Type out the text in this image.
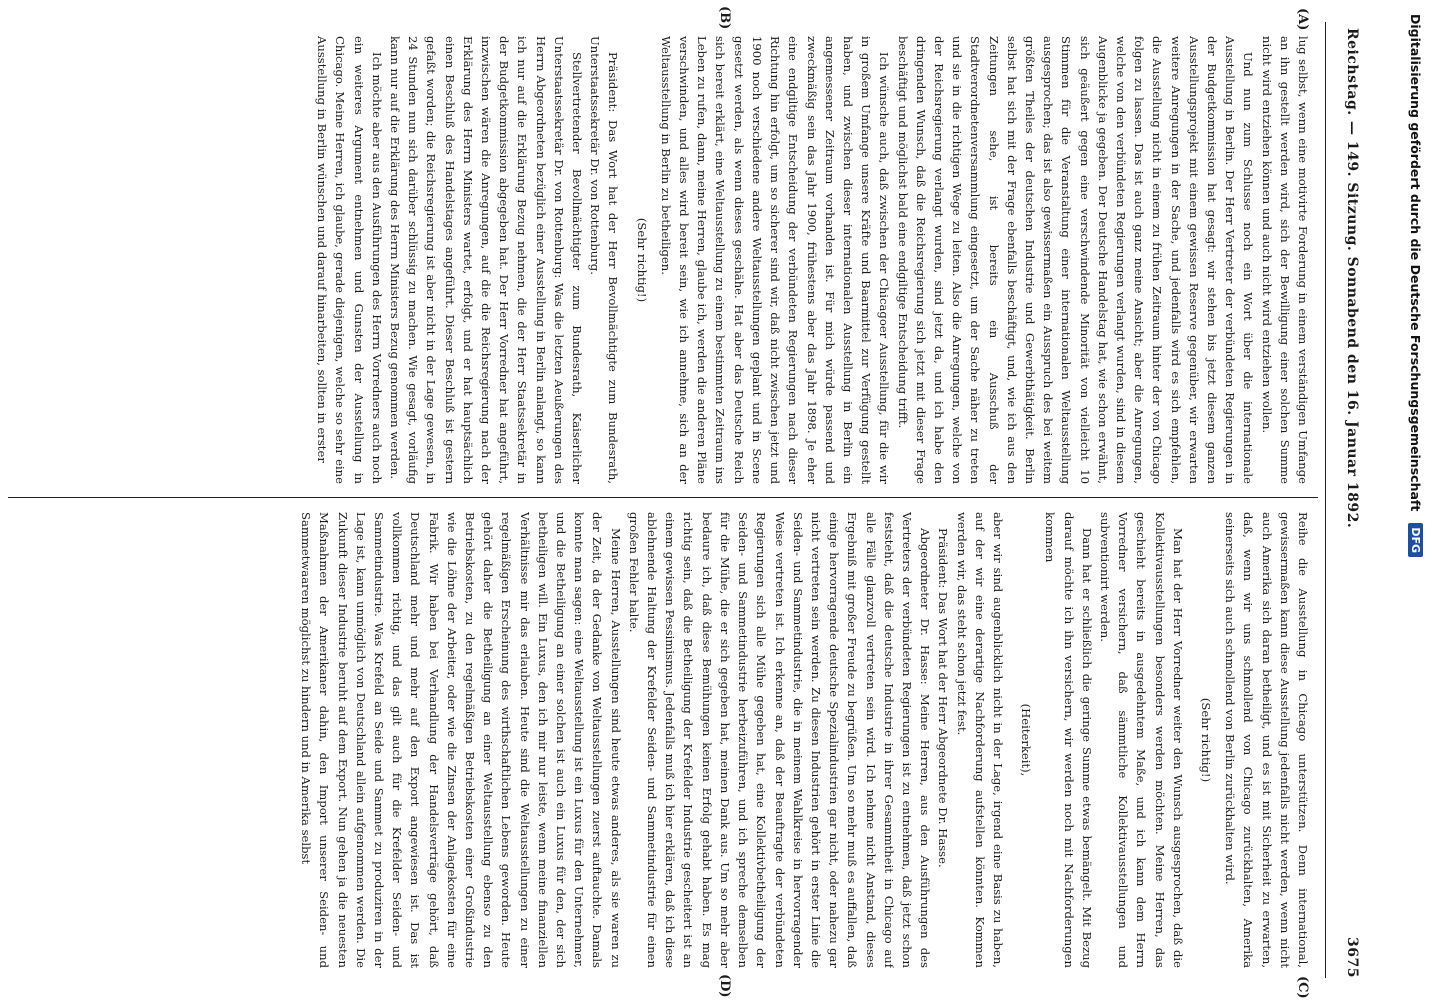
Reichstag. — 149. Sitzung. Sonnabend den 16. Januar 1892.
3675
(A)
(B)
(C)
(D)

lug selbst, wenn eine motivirte Forderung in einem verständigen Umfange an ihn gestellt werden wird, sich der Bewilligung einer solchen Summe nicht wird entziehen können und auch nicht wird entziehen wollen.

Und nun zum Schlusse noch ein Wort über die internationale Ausstellung in Berlin. Der Herr Vertreter der verbündeten Regierungen in der Budgetkommission hat gesagt: wir stehen bis jetzt diesem ganzen Ausstellungsprojekt mit einem gewissen Reserve gegenüber, wir erwarten weitere Anregungen in der Sache, und jedenfalls wird es sich empfehlen, die Ausstellung nicht in einem zu frühen Zeitraum hinter der von Chicago folgen zu lassen. Das ist auch ganz meine Ansicht; aber die Anregungen, welche von den verbündeten Regierungen verlangt wurden, sind in diesem Augenblicke ja gegeben. Der Deutsche Handelstag hat, wie schon erwähnt, sich geäußert gegen eine verschwindende Minorität von vielleicht 10 Stimmen für die Veranstaltung einer internationalen Weltausstellung ausgesprochen; das ist also gewissermaßen ein Ausspruch des bei weitem größten Theiles der deutschen Industrie und Gewerbthätigkeit. Berlin selbst hat sich mit der Frage ebenfalls beschäftigt, und, wie ich aus den Zeitungen sehe, ist bereits ein Ausschuß der Stadtverordnetenversammlung eingesetzt, um der Sache näher zu treten und sie in die richtigen Wege zu leiten. Also die Anregungen, welche von der Reichsregierung verlangt wurden, sind jetzt da, und ich habe den dringenden Wunsch, daß die Reichsregierung sich jetzt mit dieser Frage beschäftigt und möglichst bald eine endgiltige Entscheidung trifft.

Ich wünsche auch, daß zwischen der Chicagoer Ausstellung, für die wir in großem Umfange unsere Kräfte und Baarmittel zur Verfügung gestellt haben, und zwischen dieser internationalen Ausstellung in Berlin ein angemessener Zeitraum vorhanden ist. Für mich würde passend und zweckmäßig sein das Jahr 1900, frühestens aber das Jahr 1898. Je eher eine endgiltige Entscheidung der verbündeten Regierungen nach dieser Richtung hin erfolgt, um so sicherer sind wir, daß nicht zwischen jetzt und 1900 noch verschiedene andere Weltausstellungen geplant und in Scene gesetzt werden, als wenn dieses geschähe. Hat aber das Deutsche Reich sich bereit erklärt, eine Weltausstellung zu einem bestimmten Zeitraum ins Leben zu rufen, dann, meine Herren, glaube ich, werden die anderen Pläne verschwinden, und alles wird bereit sein, wie ich annehme, sich an der Weltausstellung in Berlin zu betheiligen.

(Sehr richtig!)

Präsident: Das Wort hat der Herr Bevollmächtigte zum Bundesrath, Unterstaatssekretär Dr. von Rottenburg.

Stellvertretender Bevollmächtigter zum Bundesrath, Kaiserlicher Unterstaatssekretär Dr. von Rottenburg: Was die letzten Aeußerungen des Herrn Abgeordneten bezüglich einer Ausstellung in Berlin anlangt, so kann ich nur auf die Erklärung Bezug nehmen, die der Herr Staatssekretär in der Budgetkommission abgegeben hat. Der Herr Vorredner hat angeführt, inzwischen wären die Anregungen, auf die die Reichsregierung nach der Erklärung des Herrn Ministers wartet, erfolgt, und er hat hauptsächlich einen Beschluß des Handelstages angeführt. Dieser Beschluß ist gestern gefaßt worden; die Reichsregierung ist aber nicht in der Lage gewesen, in 24 Stunden nun sich darüber schlüssig zu machen. Wie gesagt, vorläufig kann nur auf die Erklärung des Herrn Ministers Bezug genommen werden.

Ich möchte aber aus den Ausführungen des Herrn Vorredners auch noch ein weiteres Argument entnehmen und Gunsten der Ausstellung in Chicago. Meine Herren, ich glaube, gerade diejenigen, welche so sehr eine Ausstellung in Berlin wünschen und darauf hinarbeiten, sollten in erster

Reihe die Ausstellung in Chicago unterstützen. Denn international, gewissermaßen kann diese Ausstellung jedenfalls nicht werden, wenn nicht auch Amerika sich daran betheiligt, und es ist mit Sicherheit zu erwarten, daß, wenn wir uns schmollend von Chicago zurückhalten, Amerika seinerseits sich auch schmollend von Berlin zurückhalten wird.

(Sehr richtig!)

Man hat der Herr Vorredner weiter den Wunsch ausgesprochen, daß die Kollektivausstellungen besonders werden möchten. Meine Herren, das geschieht bereits in ausgedehntem Maße, und ich kann dem Herrn Vorredner versichern, daß sämmtliche Kollektivausstellungen und subventionirt werden.

Dann hat er schließlich die geringe Summe etwas bemängelt. Mit Bezug darauf möchte ich ihn versichern, wir werden noch mit Nachforderungen kommen

(Heiterkeit),

aber wir sind augenblicklich nicht in der Lage, irgend eine Basis zu haben, auf der wir eine derartige Nachforderung aufstellen könnten. Kommen werden wir, das steht schon jetzt fest.

Präsident: Das Wort hat der Herr Abgeordnete Dr. Hasse.

Abgeordneter Dr. Hasse: Meine Herren, aus den Ausführungen des Vertreters der verbündeten Regierungen ist zu entnehmen, daß jetzt schon feststeht, daß die deutsche Industrie in ihrer Gesammtheit in Chicago auf alle Fälle glanzvoll vertreten sein wird. Ich nehme nicht Anstand, dieses Ergebniß mit großer Freude zu begrüßen. Um so mehr muß es auffallen, daß einige hervorragende deutsche Spezialindustrien gar nicht, oder nahezu gar nicht vertreten sein werden. Zu diesen Industrien gehört in erster Linie die Seiden- und Sammetindustrie, die in meinem Wahlkreise in hervorragender Weise vertreten ist. Ich erkenne an, daß der Beauftragte der verbündeten Regierungen sich alle Mühe gegeben hat, eine Kollektivbetheiligung der Seiden- und Sammetindustrie herbeizuführen, und ich spreche demselben für die Mühe, die er sich gegeben hat, meinen Dank aus. Um so mehr aber bedaure ich, daß diese Bemühungen keinen Erfolg gehabt haben. Es mag richtig sein, daß die Betheiligung der Krefelder Industrie gescheitert ist an einem gewissen Pessimismus. Jedenfalls muß ich hier erklären, daß ich diese ablehnende Haltung der Krefelder Seiden- und Sammetindustrie für einen großen Fehler halte.

Meine Herren, Ausstellungen sind heute etwas anderes, als sie waren zu der Zeit, da der Gedanke von Weltausstellungen zuerst auftauchte. Damals konnte man sagen: eine Weltausstellung ist ein Luxus für den Unternehmer, und die Betheiligung an einer solchen ist auch ein Luxus für den, der sich betheiligen will. Ein Luxus, den ich mir nur leiste, wenn meine finanziellen Verhältnisse mir das erlauben. Heute sind die Weltausstellungen zu einer regelmäßigen Erscheinung des wirthschaftlichen Lebens geworden. Heute gehört daher die Betheiligung an einer Weltausstellung ebenso zu den Betriebskosten, zu den regelmäßigen Betriebskosten einer Großindustrie wie die Löhne der Arbeiter, oder wie die Zinsen der Anlagekosten für eine Fabrik. Wir haben bei Verhandlung der Handelsverträge gehört, daß Deutschland mehr und mehr auf den Export angewiesen ist. Das ist vollkommen richtig, und das gilt auch für die Krefelder Seiden- und Sammetindustrie. Was Krefeld an Seide und Sammet zu produziren in der Lage ist, kann unmöglich von Deutschland allein aufgenommen werden. Die Zukunft dieser Industrie beruht auf dem Export. Nun gehen ja die neuesten Maßnahmen der Amerikaner dahin, den Import unserer Seiden- und Sammetwaaren möglichst zu hindern und in Amerika selbst

Digitalisierung gefördert durch die Deutsche Forschungsgemeinschaft
DFG
